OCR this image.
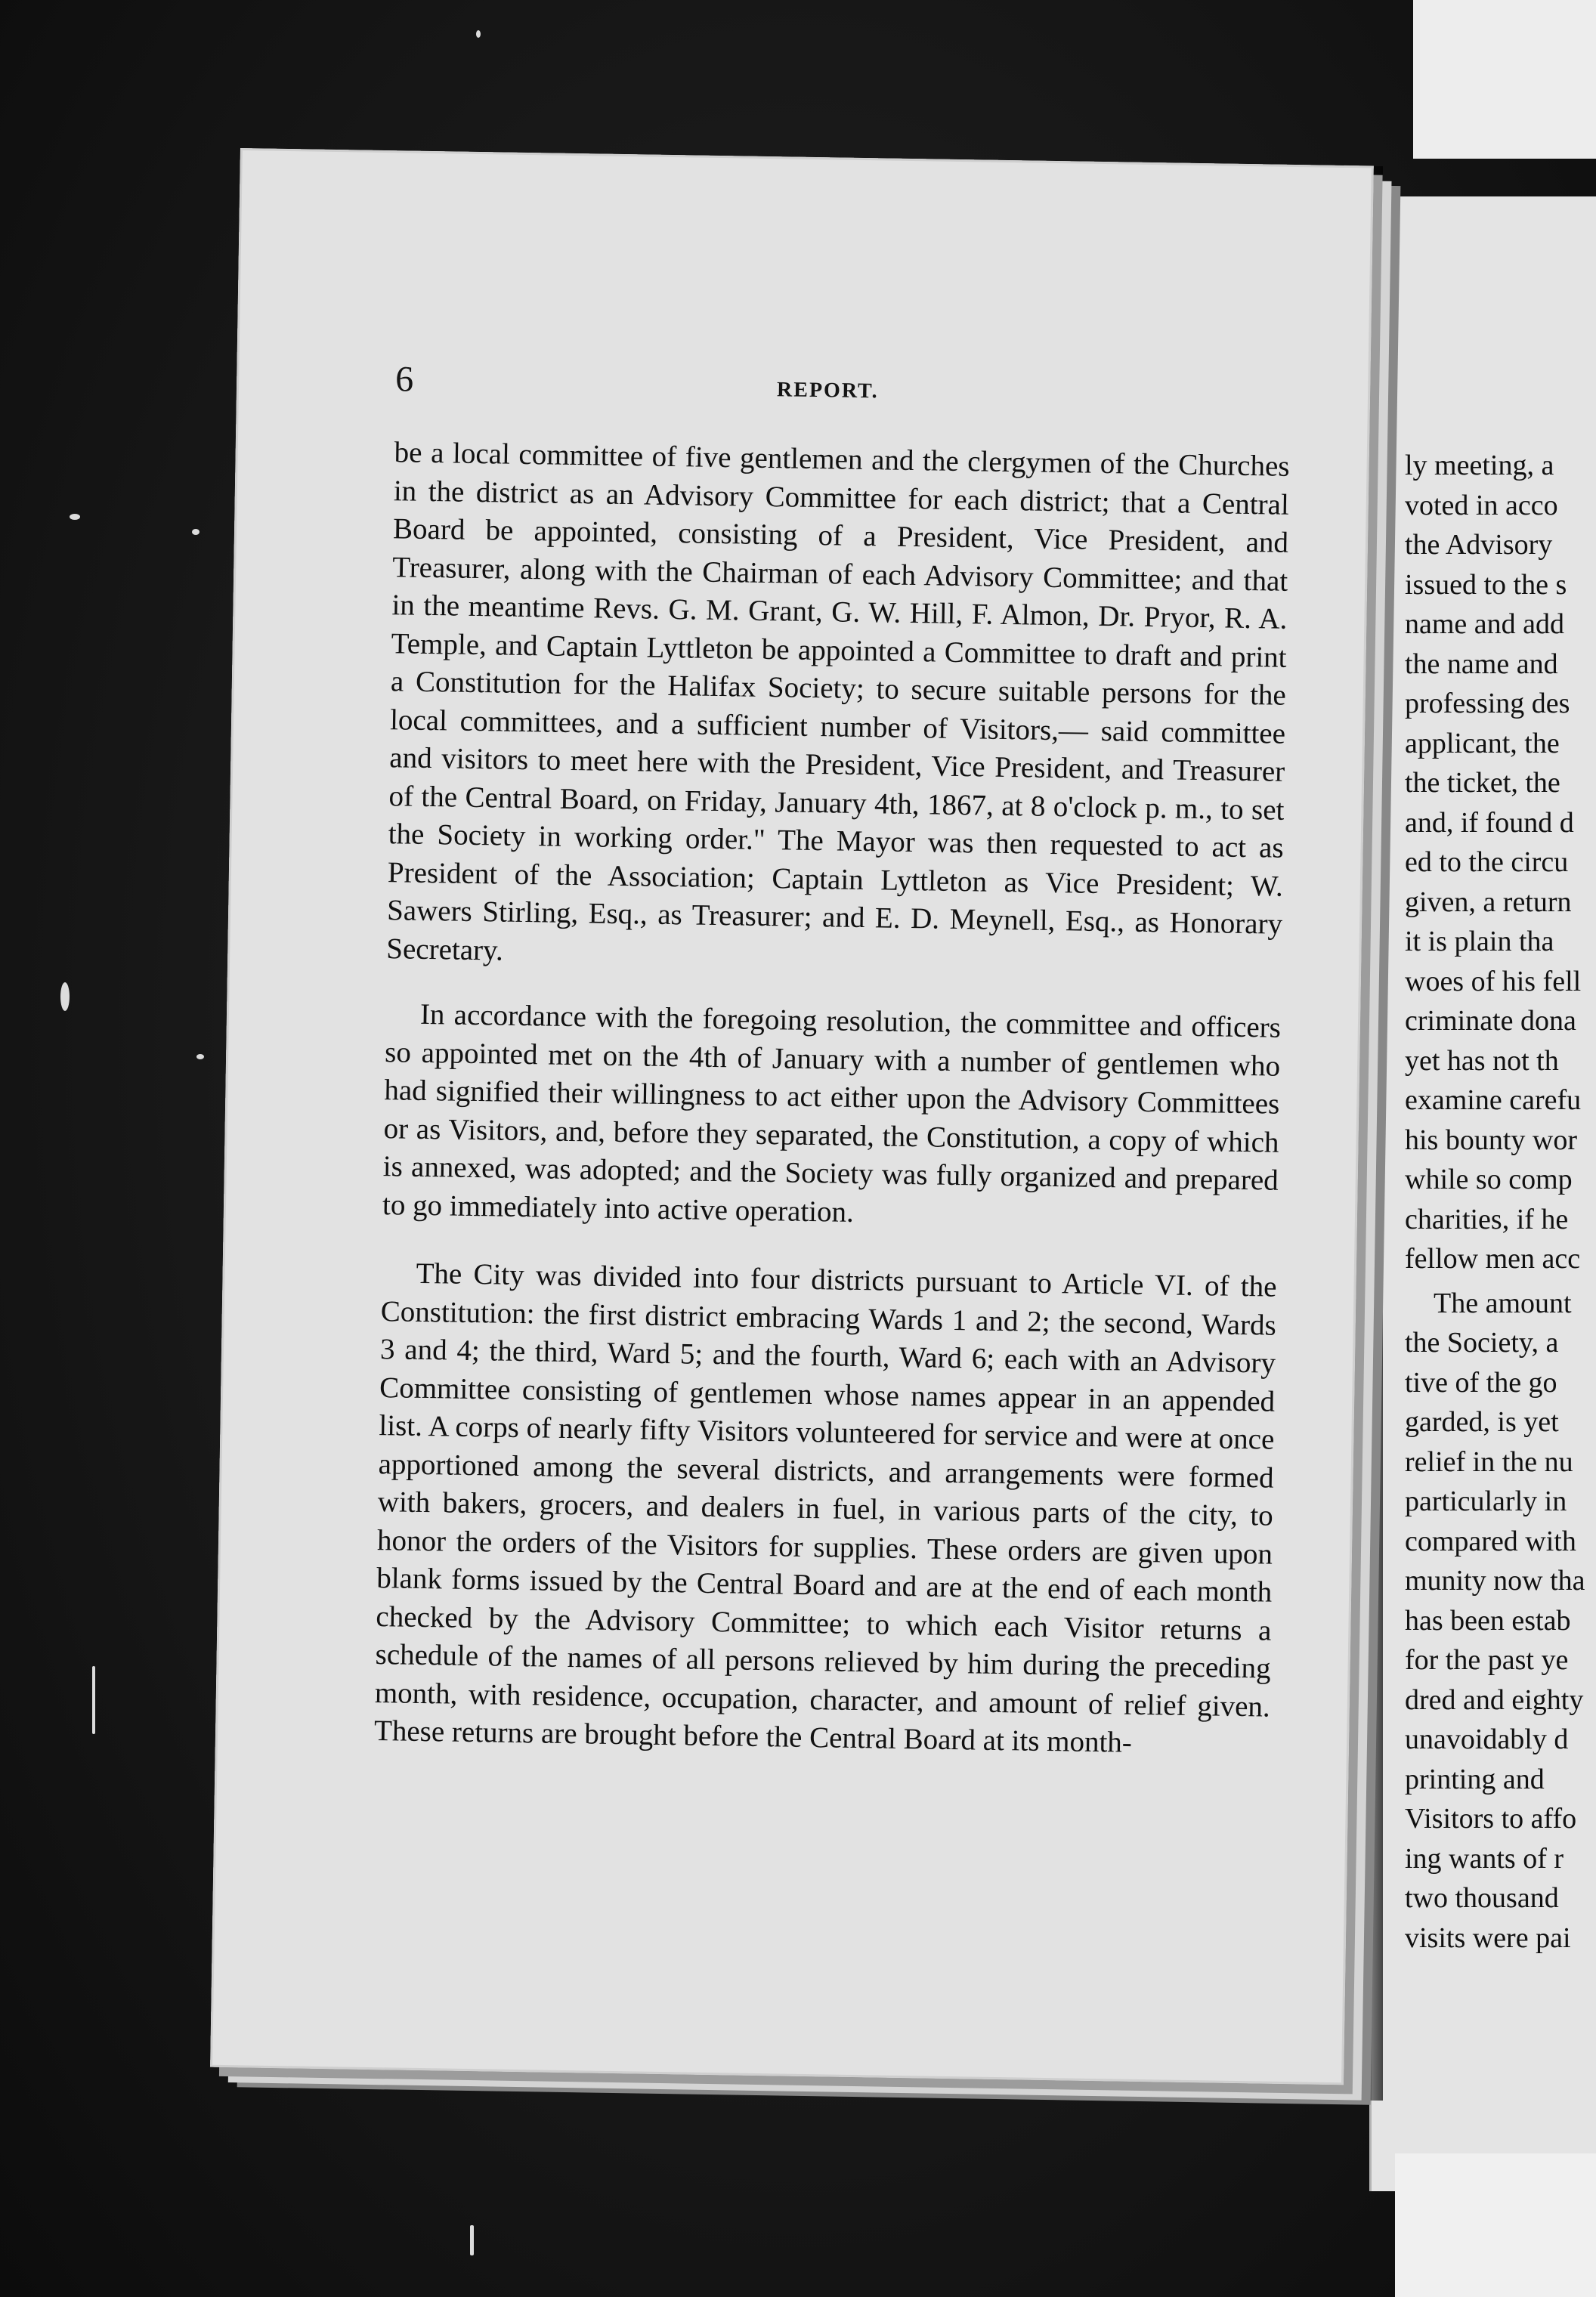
ly meeting, a
voted in acco
the Advisory
issued to the s
name and add
the name and
professing des
applicant, the
the ticket, the
and, if found d
ed to the circu
given, a return
it is plain tha
woes of his fell
criminate dona
yet has not th
examine carefu
his bounty wor
while so comp
charities, if he
fellow men acc
The amount
the Society, a
tive of the go
garded, is yet
relief in the nu
particularly in
compared with
munity now tha
has been estab
for the past ye
dred and eighty
unavoidably d
printing and
Visitors to affo
ing wants of r
two thousand
visits were pai
6	REPORT.

be a local committee of five gentlemen and the clergymen of the Churches in the district as an Advisory Committee for each district; that a Central Board be appointed, consisting of a President, Vice President, and Treasurer, along with the Chairman of each Advisory Committee; and that in the meantime Revs. G. M. Grant, G. W. Hill, F. Almon, Dr. Pryor, R. A. Temple, and Captain Lyttleton be appointed a Committee to draft and print a Constitution for the Halifax Society; to secure suitable persons for the local committees, and a sufficient number of Visitors,— said committee and visitors to meet here with the President, Vice President, and Treasurer of the Central Board, on Friday, January 4th, 1867, at 8 o'clock p. m., to set the Society in working order." The Mayor was then requested to act as President of the Association; Captain Lyttleton as Vice President; W. Sawers Stirling, Esq., as Treasurer; and E. D. Meynell, Esq., as Honorary Secretary.

In accordance with the foregoing resolution, the committee and officers so appointed met on the 4th of January with a number of gentlemen who had signified their willingness to act either upon the Advisory Committees or as Visitors, and, before they separated, the Constitution, a copy of which is annexed, was adopted; and the Society was fully organized and prepared to go immediately into active operation.

The City was divided into four districts pursuant to Article VI. of the Constitution: the first district embracing Wards 1 and 2; the second, Wards 3 and 4; the third, Ward 5; and the fourth, Ward 6; each with an Advisory Committee consisting of gentlemen whose names appear in an appended list. A corps of nearly fifty Visitors volunteered for service and were at once apportioned among the several districts, and arrangements were formed with bakers, grocers, and dealers in fuel, in various parts of the city, to honor the orders of the Visitors for supplies. These orders are given upon blank forms issued by the Central Board and are at the end of each month checked by the Advisory Committee; to which each Visitor returns a schedule of the names of all persons relieved by him during the preceding month, with residence, occupation, character, and amount of relief given. These returns are brought before the Central Board at its month-
